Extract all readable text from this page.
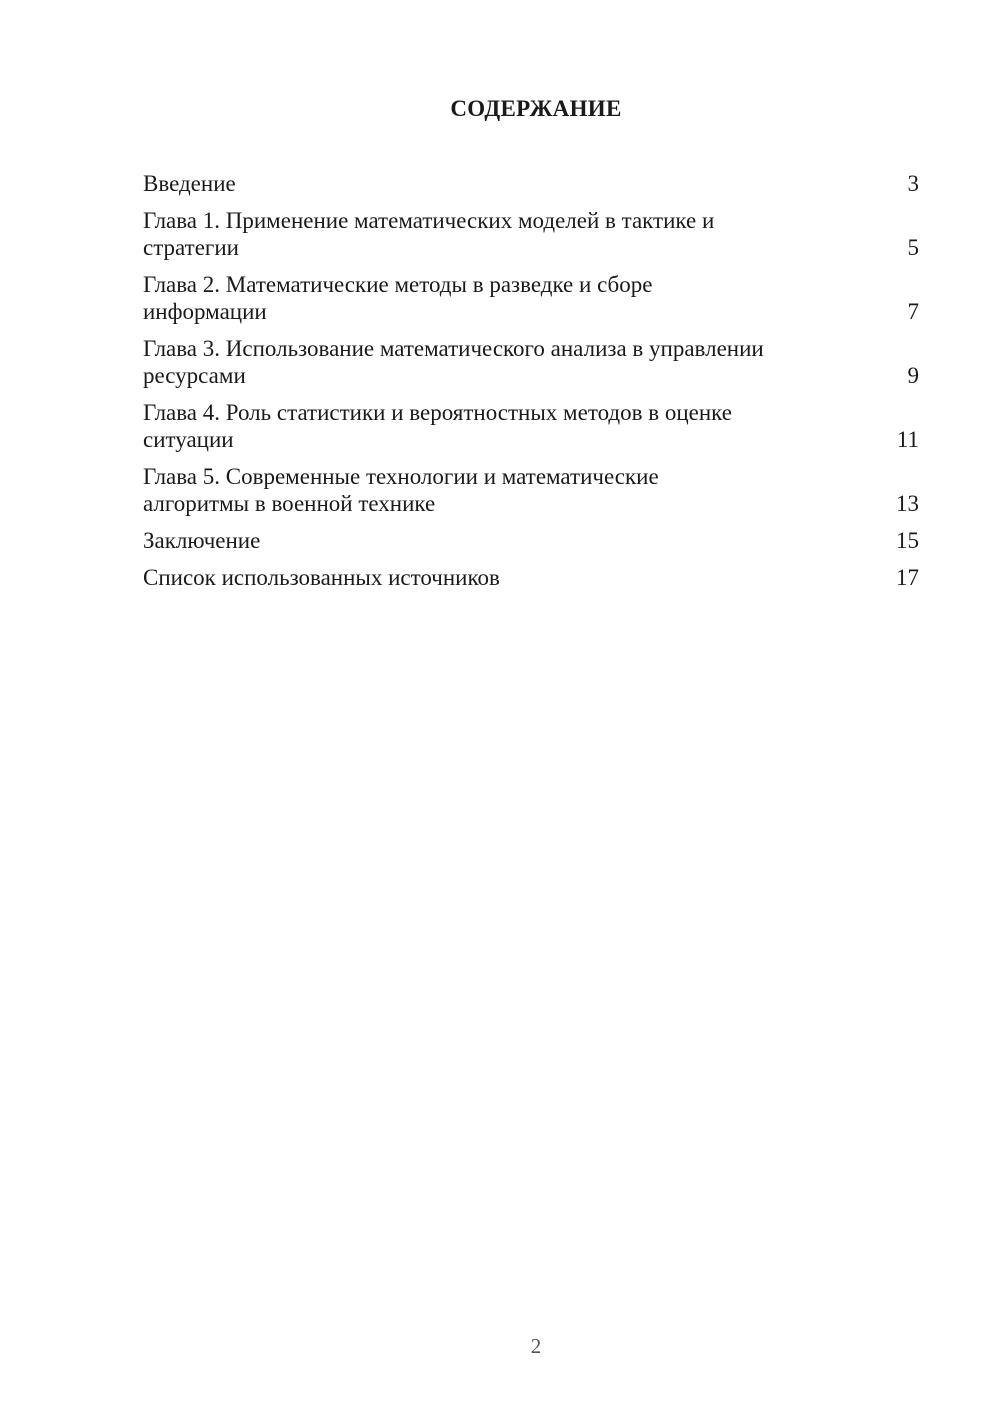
СОДЕРЖАНИЕ
Введение	3
Глава 1. Применение математических моделей в тактике и
стратегии	5
Глава 2. Математические методы в разведке и сборе
информации	7
Глава 3. Использование математического анализа в управлении
ресурсами	9
Глава 4. Роль статистики и вероятностных методов в оценке
ситуации	11
Глава 5. Современные технологии и математические
алгоритмы в военной технике	13
Заключение	15
Список использованных источников	17
2
